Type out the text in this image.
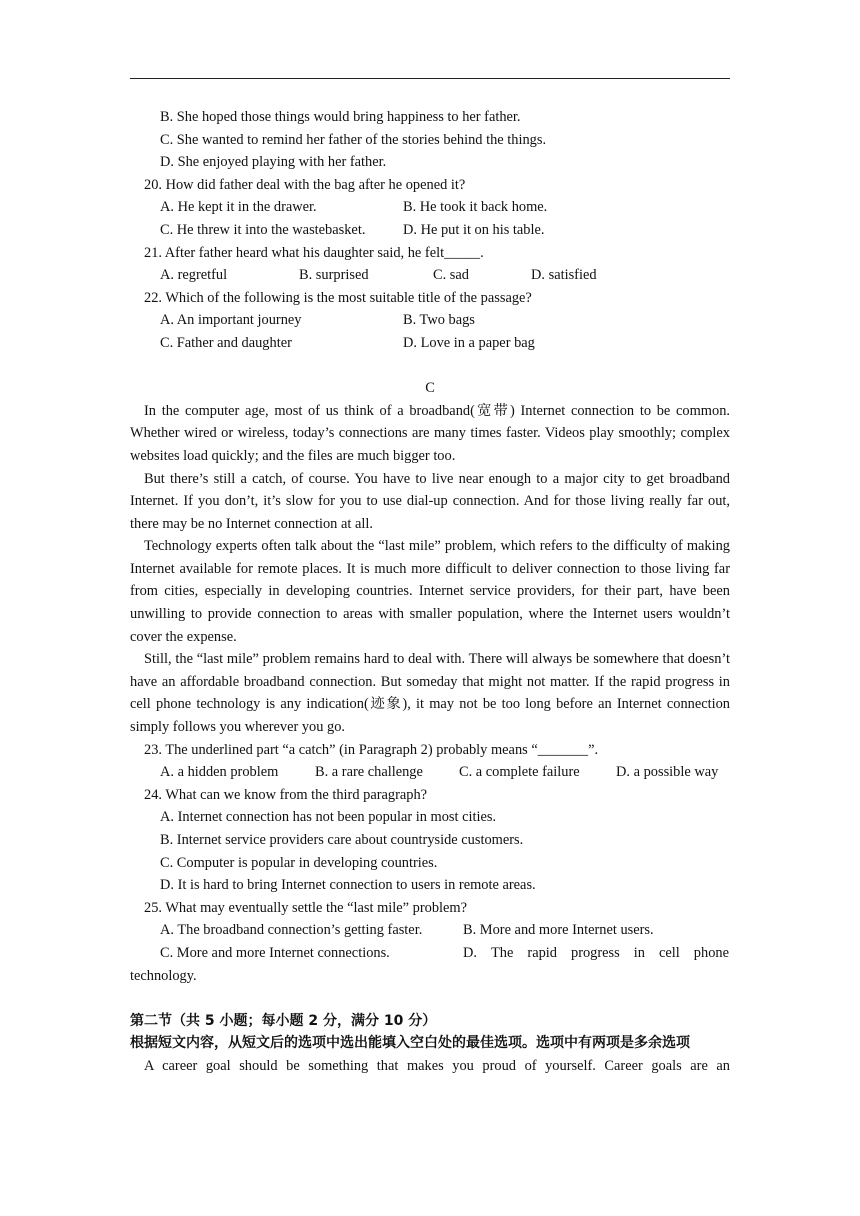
B. She hoped those things would bring happiness to her father.
C. She wanted to remind her father of the stories behind the things.
D. She enjoyed playing with her father.
20. How did father deal with the bag after he opened it?
A. He kept it in the drawer.	B. He took it back home.
C. He threw it into the wastebasket.	D. He put it on his table.
21. After father heard what his daughter said, he felt_____.
A. regretful	B. surprised	C. sad	D. satisfied
22. Which of the following is the most suitable title of the passage?
A. An important journey	B. Two bags
C. Father and daughter	D. Love in a paper bag
C
In the computer age, most of us think of a broadband(宽带) Internet connection to be common. Whether wired or wireless, today’s connections are many times faster. Videos play smoothly; complex websites load quickly; and the files are much bigger too.
But there’s still a catch, of course. You have to live near enough to a major city to get broadband Internet. If you don’t, it’s slow for you to use dial-up connection. And for those living really far out, there may be no Internet connection at all.
Technology experts often talk about the “last mile” problem, which refers to the difficulty of making Internet available for remote places. It is much more difficult to deliver connection to those living far from cities, especially in developing countries. Internet service providers, for their part, have been unwilling to provide connection to areas with smaller population, where the Internet users wouldn’t cover the expense.
Still, the “last mile” problem remains hard to deal with. There will always be somewhere that doesn’t have an affordable broadband connection. But someday that might not matter. If the rapid progress in cell phone technology is any indication(迹象), it may not be too long before an Internet connection simply follows you wherever you go.
23. The underlined part “a catch” (in Paragraph 2) probably means “_______”.
A. a hidden problem	B. a rare challenge	C. a complete failure	D. a possible way
24. What can we know from the third paragraph?
A. Internet connection has not been popular in most cities.
B. Internet service providers care about countryside customers.
C. Computer is popular in developing countries.
D. It is hard to bring Internet connection to users in remote areas.
25. What may eventually settle the “last mile” problem?
A. The broadband connection’s getting faster.	B. More and more Internet users.
C. More and more Internet connections.	D. The rapid progress in cell phone
technology.
第二节（共 5 小题；每小题 2 分，满分 10 分）
根据短文内容，从短文后的选项中选出能填入空白处的最佳选项。选项中有两项是多余选项
A career goal should be something that makes you proud of yourself. Career goals are an
